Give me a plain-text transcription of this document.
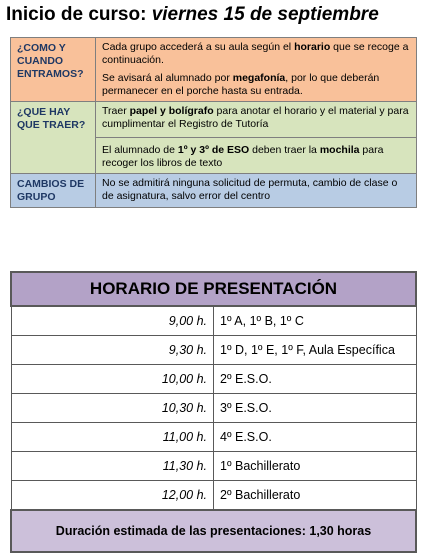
Inicio de curso: viernes 15 de septiembre
¿COMO Y CUANDO ENTRAMOS?	Cada grupo accederá a su aula según el horario que se recoge a continuación.

Se avisará al alumnado por megafonía, por lo que deberán permanecer en el porche hasta su entrada.

¿QUE HAY QUE TRAER?	Traer papel y bolígrafo para anotar el horario y el material y para cumplimentar el Registro de Tutoría
El alumnado de 1º y 3º de ESO deben traer la mochila para recoger los libros de texto

CAMBIOS DE GRUPO	No se admitirá ninguna solicitud de permuta, cambio de clase o de asignatura, salvo error del centro
HORARIO DE PRESENTACIÓN	
9,00 h.	1º A, 1º B, 1º C
9,30 h.	1º D, 1º E, 1º F, Aula Específica
10,00 h.	2º E.S.O.
10,30 h.	3º E.S.O.
11,00 h.	4º E.S.O.
11,30 h.	1º Bachillerato
12,00 h.	2º Bachillerato
Duración estimada de las presentaciones: 1,30 horas	
